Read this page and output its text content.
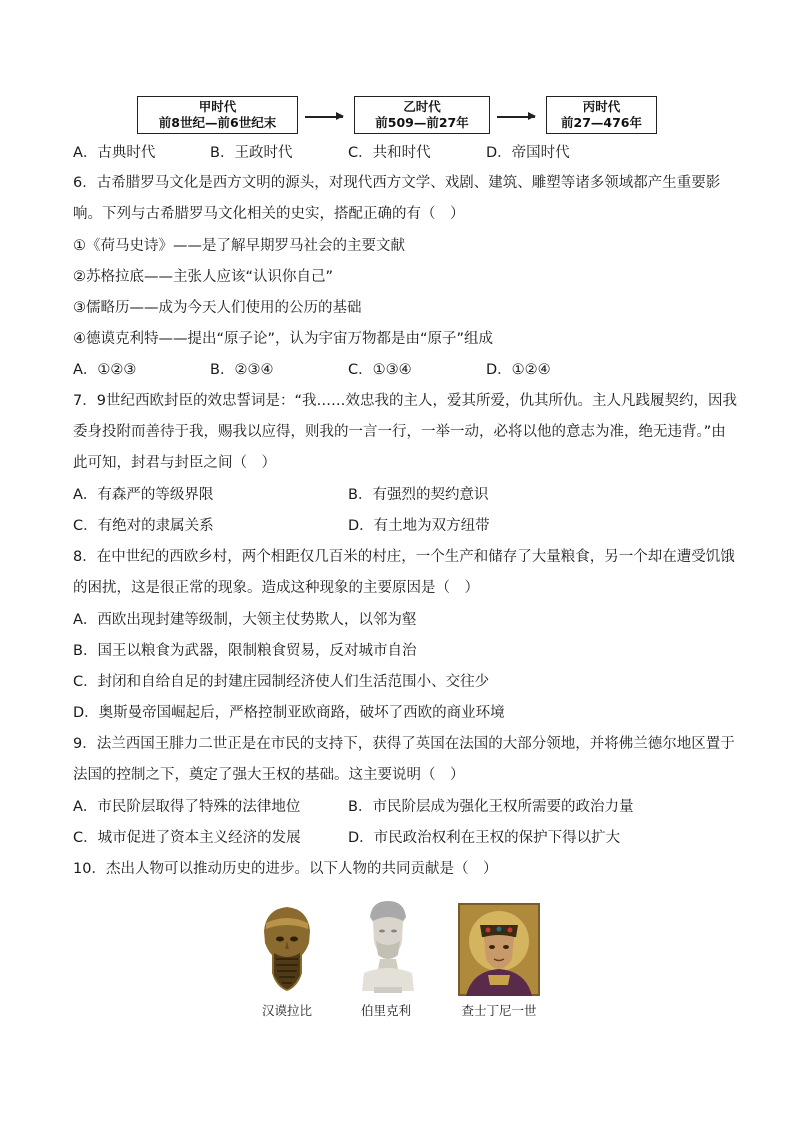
甲时代
前8世纪—前6世纪末
乙时代
前509—前27年
丙时代
前27—476年
A．古典时代	B．王政时代	C．共和时代	D．帝国时代
6．古希腊罗马文化是西方文明的源头，对现代西方文学、戏剧、建筑、雕塑等诸多领域都产生重要影响。下列与古希腊罗马文化相关的史实，搭配正确的有（　）
①《荷马史诗》——是了解早期罗马社会的主要文献
②苏格拉底——主张人应该“认识你自己”
③儒略历——成为今天人们使用的公历的基础
④德谟克利特——提出“原子论”，认为宇宙万物都是由“原子”组成
A．①②③	B．②③④	C．①③④	D．①②④
7．9世纪西欧封臣的效忠誓词是：“我……效忠我的主人，爱其所爱，仇其所仇。主人凡践履契约，因我委身投附而善待于我，赐我以应得，则我的一言一行，一举一动，必将以他的意志为准，绝无违背。”由此可知，封君与封臣之间（　）
A．有森严的等级界限	B．有强烈的契约意识
C．有绝对的隶属关系	D．有土地为双方纽带
8．在中世纪的西欧乡村，两个相距仅几百米的村庄，一个生产和储存了大量粮食，另一个却在遭受饥饿的困扰，这是很正常的现象。造成这种现象的主要原因是（　）
A．西欧出现封建等级制，大领主仗势欺人，以邻为壑
B．国王以粮食为武器，限制粮食贸易，反对城市自治
C．封闭和自给自足的封建庄园制经济使人们生活范围小、交往少
D．奥斯曼帝国崛起后，严格控制亚欧商路，破坏了西欧的商业环境
9．法兰西国王腓力二世正是在市民的支持下，获得了英国在法国的大部分领地，并将佛兰德尔地区置于法国的控制之下，奠定了强大王权的基础。这主要说明（　）
A．市民阶层取得了特殊的法律地位	B．市民阶层成为强化王权所需要的政治力量
C．城市促进了资本主义经济的发展	D．市民政治权利在王权的保护下得以扩大
10．杰出人物可以推动历史的进步。以下人物的共同贡献是（　）
汉谟拉比	伯里克利	查士丁尼一世
